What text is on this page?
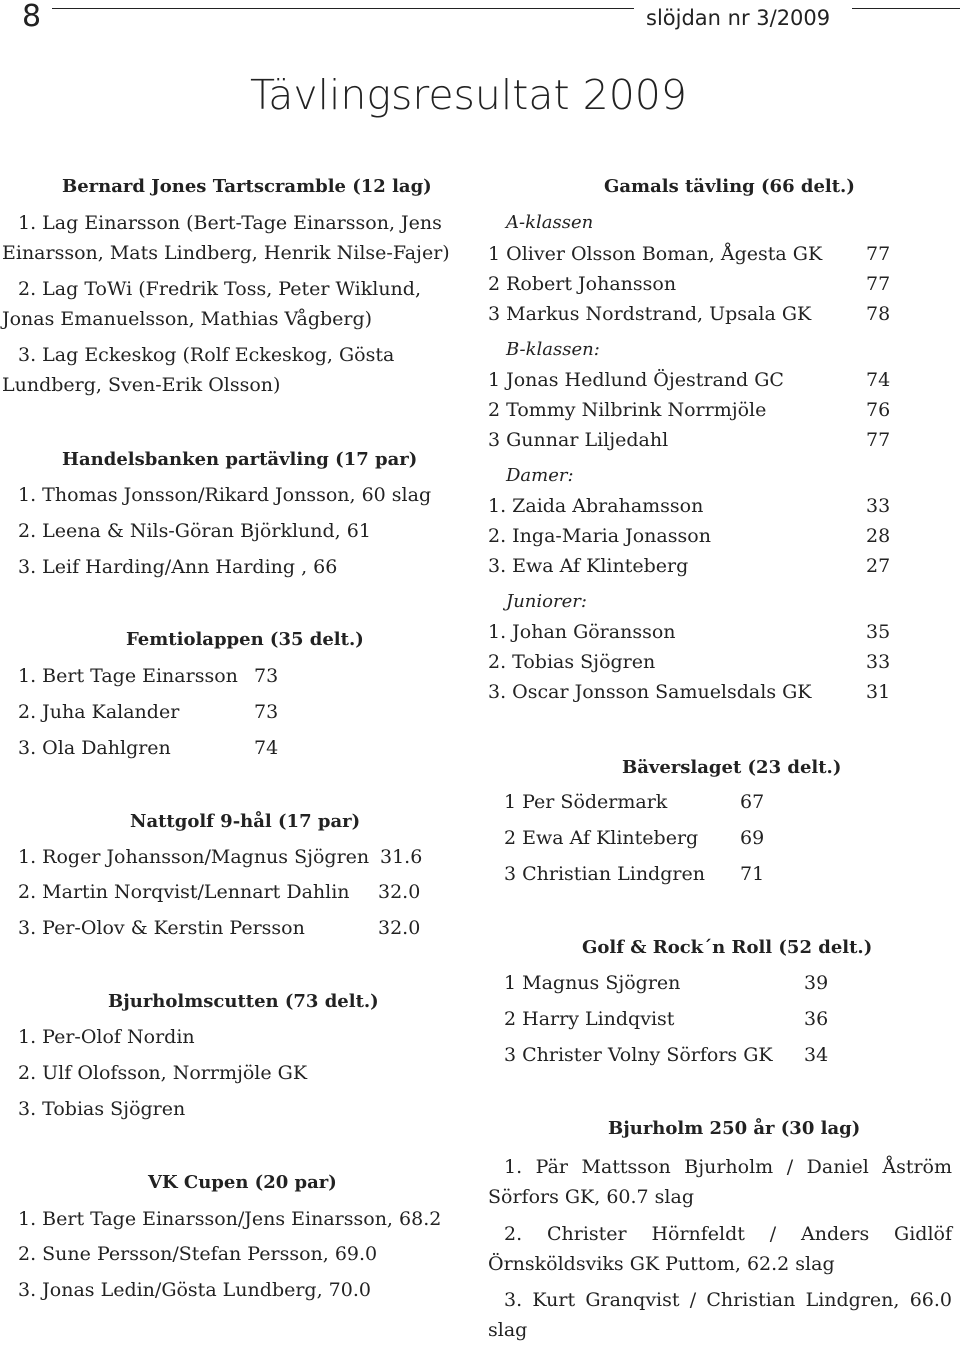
8	slöjdan nr 3/2009
Tävlingsresultat 2009
Bernard Jones Tartscramble (12 lag)
1. Lag Einarsson (Bert-Tage Einarsson, Jens
Einarsson, Mats Lindberg, Henrik Nilse-Fajer)
2. Lag ToWi (Fredrik Toss, Peter Wiklund,
Jonas Emanuelsson, Mathias Vågberg)
3. Lag Eckeskog (Rolf Eckeskog, Gösta
Lundberg, Sven-Erik Olsson)
Handelsbanken partävling (17 par)
1. Thomas Jonsson/Rikard Jonsson, 60 slag
2. Leena & Nils-Göran Björklund, 61
3. Leif Harding/Ann Harding , 66
Femtiolappen (35 delt.)
1. Bert Tage Einarsson 73
2. Juha Kalander	73
3. Ola Dahlgren	74
Nattgolf 9-hål (17 par)
1. Roger Johansson/Magnus Sjögren 31.6
2. Martin Norqvist/Lennart Dahlin 32.0
3. Per-Olov & Kerstin Persson	32.0
Bjurholmscutten (73 delt.)
1. Per-Olof Nordin
2. Ulf Olofsson, Norrmjöle GK
3. Tobias Sjögren
VK Cupen (20 par)
1. Bert Tage Einarsson/Jens Einarsson, 68.2
2. Sune Persson/Stefan Persson, 69.0
3. Jonas Ledin/Gösta Lundberg, 70.0
Gamals tävling (66 delt.)
A-klassen
1 Oliver Olsson Boman, Ågesta GK 77
2 Robert Johansson	77
3 Markus Nordstrand, Upsala GK	78
B-klassen:
1 Jonas Hedlund Öjestrand GC	74
2 Tommy Nilbrink Norrmjöle	76
3 Gunnar Liljedahl	77
Damer:
1. Zaida Abrahamsson	33
2. Inga-Maria Jonasson	28
3. Ewa Af Klinteberg	27
Juniorer:
1. Johan Göransson	35
2. Tobias Sjögren	33
3. Oscar Jonsson Samuelsdals GK	31
Bäverslaget (23 delt.)
1 Per Södermark	67
2 Ewa Af Klinteberg 69
3 Christian Lindgren 71
Golf & Rock´n Roll (52 delt.)
1 Magnus Sjögren	39
2 Harry Lindqvist	36
3 Christer Volny Sörfors GK 34
Bjurholm 250 år (30 lag)
1. Pär Mattsson Bjurholm / Daniel Åström Sörfors GK, 60.7 slag
2. Christer Hörnfeldt / Anders Gidlöf Örnsköldsviks GK Puttom, 62.2 slag
3. Kurt Granqvist / Christian Lindgren, 66.0 slag
